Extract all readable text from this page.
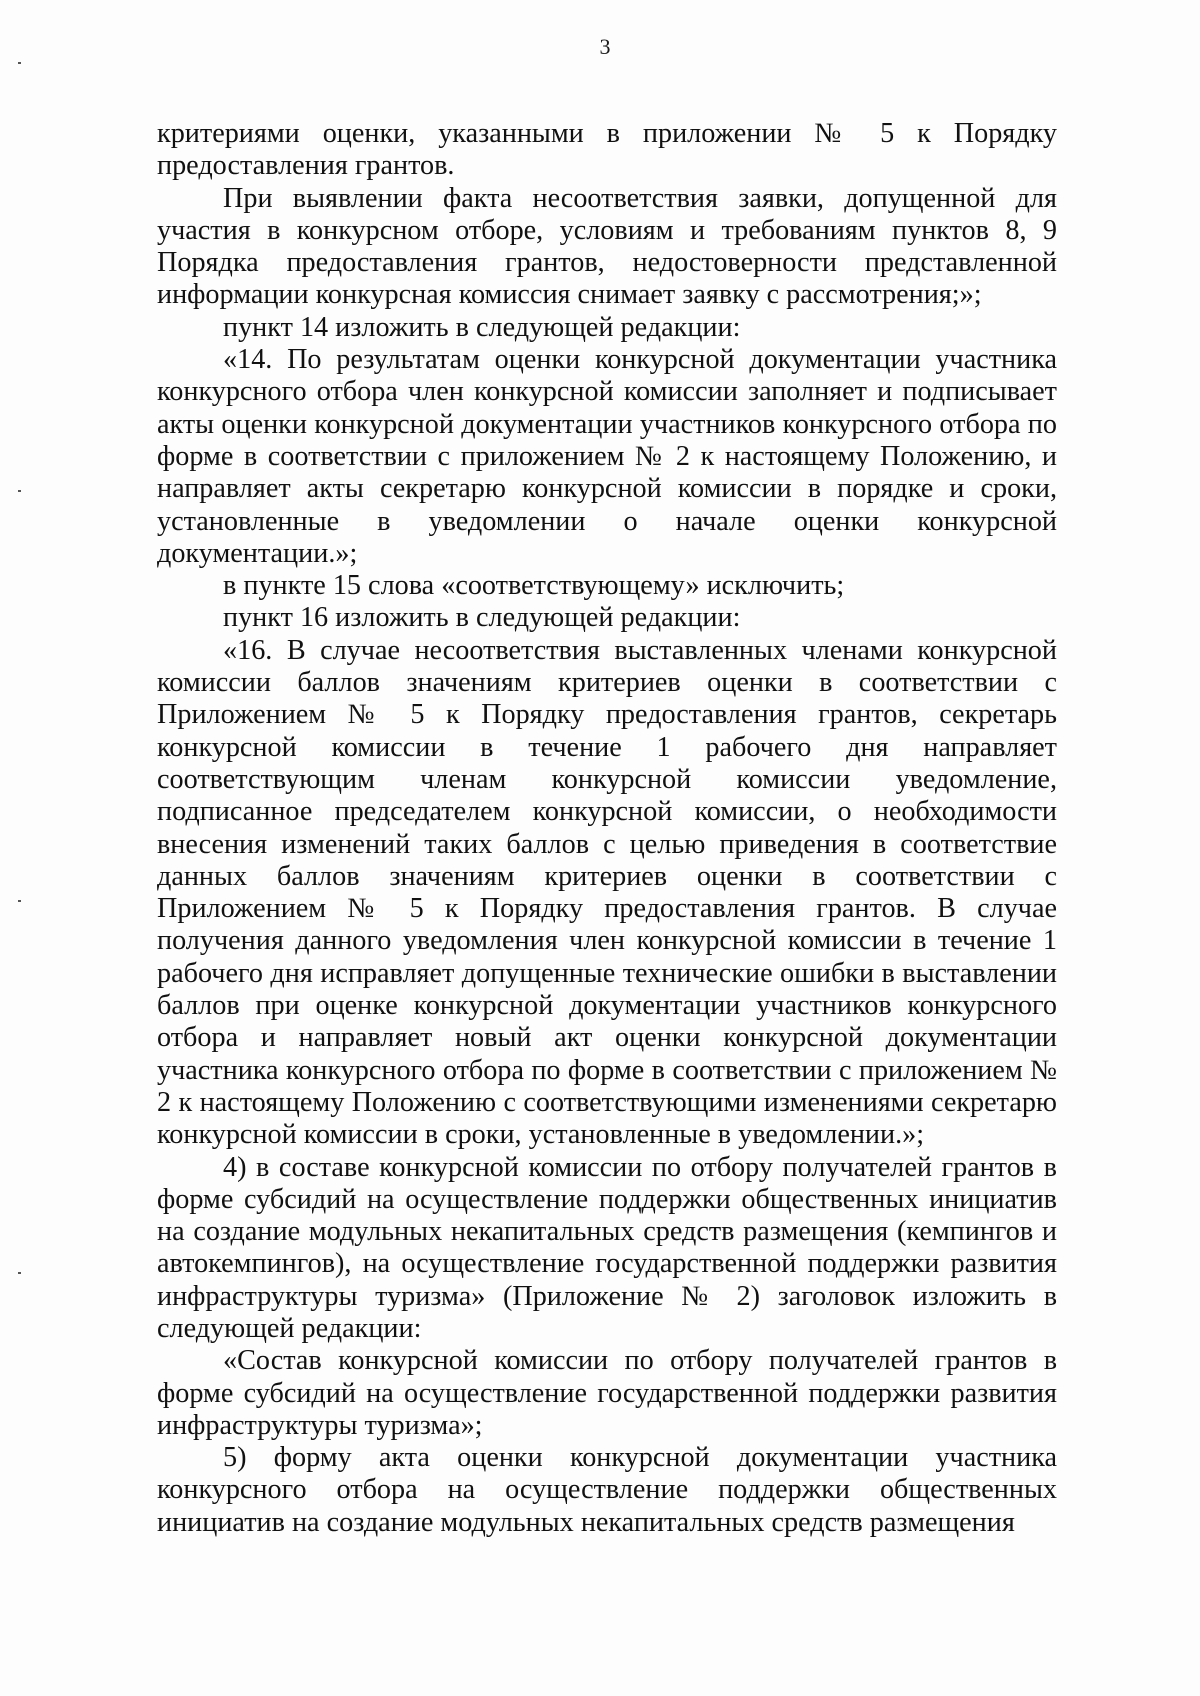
3

критериями оценки, указанными в приложении № 5 к Порядку предоставления грантов.

При выявлении факта несоответствия заявки, допущенной для участия в конкурсном отборе, условиям и требованиям пунктов 8, 9 Порядка предоставления грантов, недостоверности представленной информации конкурсная комиссия снимает заявку с рассмотрения;»;

пункт 14 изложить в следующей редакции:

«14. По результатам оценки конкурсной документации участника конкурсного отбора член конкурсной комиссии заполняет и подписывает акты оценки конкурсной документации участников конкурсного отбора по форме в соответствии с приложением № 2 к настоящему Положению, и направляет акты секретарю конкурсной комиссии в порядке и сроки, установленные в уведомлении о начале оценки конкурсной документации.»;

в пункте 15 слова «соответствующему» исключить;

пункт 16 изложить в следующей редакции:

«16. В случае несоответствия выставленных членами конкурсной комиссии баллов значениям критериев оценки в соответствии с Приложением № 5 к Порядку предоставления грантов, секретарь конкурсной комиссии в течение 1 рабочего дня направляет соответствующим членам конкурсной комиссии уведомление, подписанное председателем конкурсной комиссии, о необходимости внесения изменений таких баллов с целью приведения в соответствие данных баллов значениям критериев оценки в соответствии с Приложением № 5 к Порядку предоставления грантов. В случае получения данного уведомления член конкурсной комиссии в течение 1 рабочего дня исправляет допущенные технические ошибки в выставлении баллов при оценке конкурсной документации участников конкурсного отбора и направляет новый акт оценки конкурсной документации участника конкурсного отбора по форме в соответствии с приложением № 2 к настоящему Положению с соответствующими изменениями секретарю конкурсной комиссии в сроки, установленные в уведомлении.»;

4) в составе конкурсной комиссии по отбору получателей грантов в форме субсидий на осуществление поддержки общественных инициатив на создание модульных некапитальных средств размещения (кемпингов и автокемпингов), на осуществление государственной поддержки развития инфраструктуры туризма» (Приложение № 2) заголовок изложить в следующей редакции:

«Состав конкурсной комиссии по отбору получателей грантов в форме субсидий на осуществление государственной поддержки развития инфраструктуры туризма»;

5) форму акта оценки конкурсной документации участника конкурсного отбора на осуществление поддержки общественных инициатив на создание модульных некапитальных средств размещения
